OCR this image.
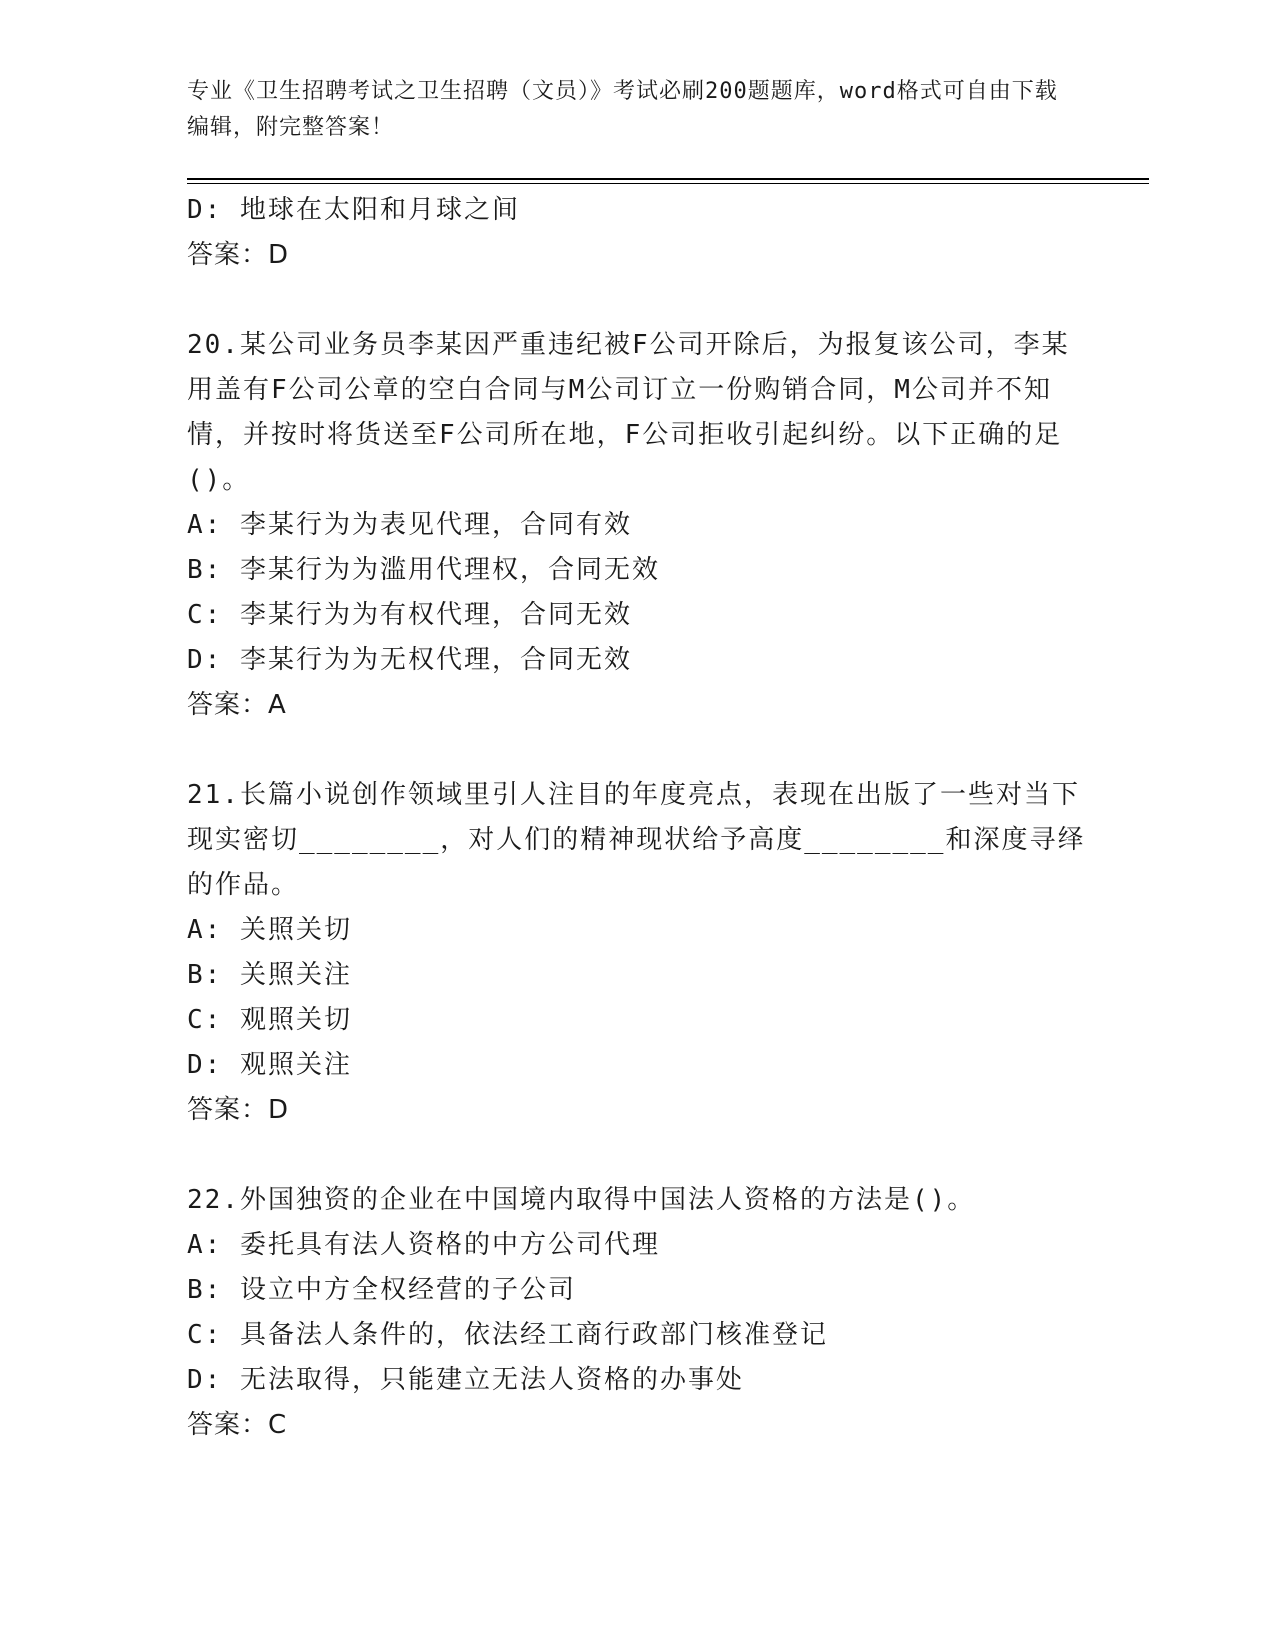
专业《卫生招聘考试之卫生招聘（文员）》考试必刷200题题库，word格式可自由下载编辑，附完整答案！
D: 地球在太阳和月球之间
答案：D
20.某公司业务员李某因严重违纪被F公司开除后，为报复该公司，李某用盖有F公司公章的空白合同与M公司订立一份购销合同，M公司并不知情，并按时将货送至F公司所在地，F公司拒收引起纠纷。以下正确的足()。
A: 李某行为为表见代理，合同有效
B: 李某行为为滥用代理权，合同无效
C: 李某行为为有权代理，合同无效
D: 李某行为为无权代理，合同无效
答案：A
21.长篇小说创作领域里引人注目的年度亮点，表现在出版了一些对当下现实密切________，对人们的精神现状给予高度________和深度寻绎的作品。
A: 关照关切
B: 关照关注
C: 观照关切
D: 观照关注
答案：D
22.外国独资的企业在中国境内取得中国法人资格的方法是()。
A: 委托具有法人资格的中方公司代理
B: 设立中方全权经营的子公司
C: 具备法人条件的，依法经工商行政部门核准登记
D: 无法取得，只能建立无法人资格的办事处
答案：C
